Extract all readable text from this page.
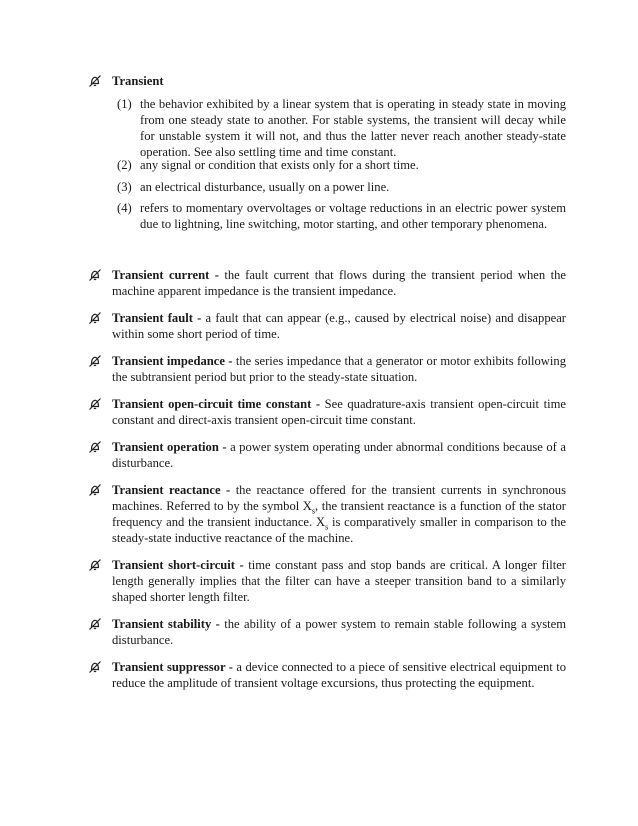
Transient
(1) the behavior exhibited by a linear system that is operating in steady state in moving from one steady state to another. For stable systems, the transient will decay while for unstable system it will not, and thus the latter never reach another steady-state operation. See also settling time and time constant.
(2) any signal or condition that exists only for a short time.
(3) an electrical disturbance, usually on a power line.
(4) refers to momentary overvoltages or voltage reductions in an electric power system due to lightning, line switching, motor starting, and other temporary phenomena.
Transient current - the fault current that flows during the transient period when the machine apparent impedance is the transient impedance.
Transient fault - a fault that can appear (e.g., caused by electrical noise) and disappear within some short period of time.
Transient impedance - the series impedance that a generator or motor exhibits following the subtransient period but prior to the steady-state situation.
Transient open-circuit time constant - See quadrature-axis transient open-circuit time constant and direct-axis transient open-circuit time constant.
Transient operation - a power system operating under abnormal conditions because of a disturbance.
Transient reactance - the reactance offered for the transient currents in synchronous machines. Referred to by the symbol $X_s$, the transient reactance is a function of the stator frequency and the transient inductance. $X_s$ is comparatively smaller in comparison to the steady-state inductive reactance of the machine.
Transient short-circuit - time constant pass and stop bands are critical. A longer filter length generally implies that the filter can have a steeper transition band to a similarly shaped shorter length filter.
Transient stability - the ability of a power system to remain stable following a system disturbance.
Transient suppressor - a device connected to a piece of sensitive electrical equipment to reduce the amplitude of transient voltage excursions, thus protecting the equipment.
